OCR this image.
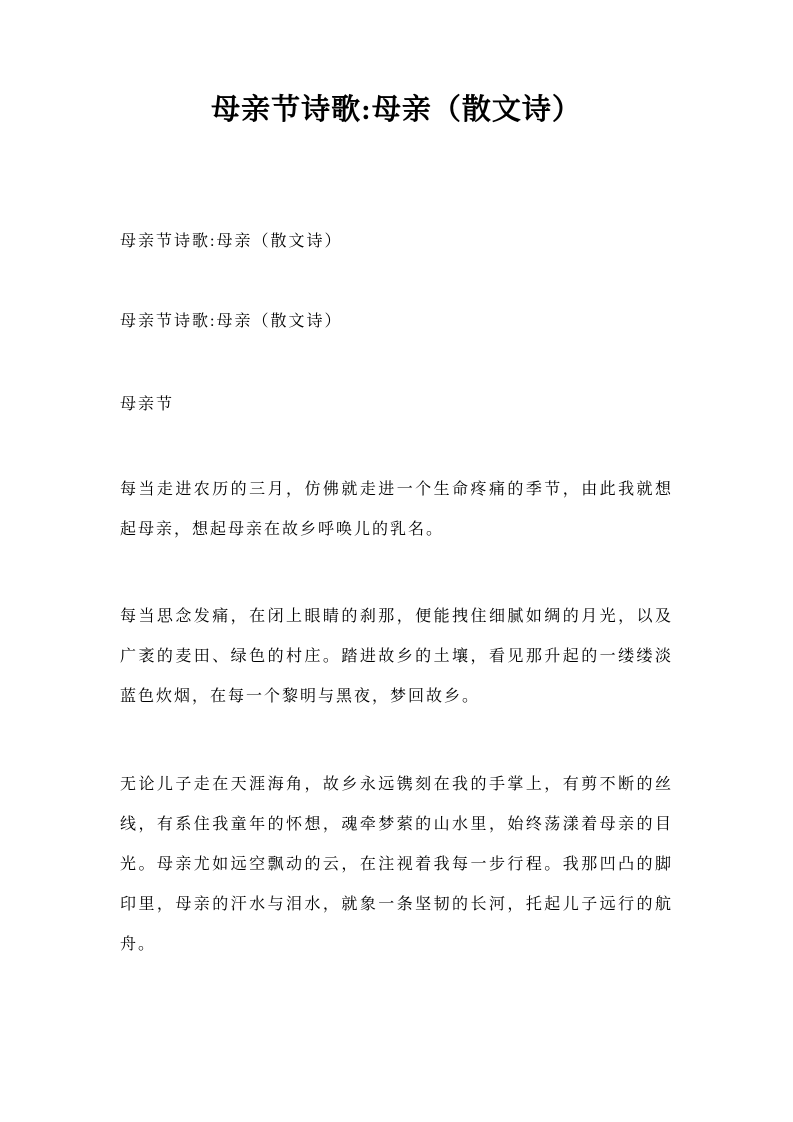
母亲节诗歌:母亲（散文诗）

母亲节诗歌:母亲（散文诗）

母亲节诗歌:母亲（散文诗）

母亲节

每当走进农历的三月，仿佛就走进一个生命疼痛的季节，由此我就想起母亲，想起母亲在故乡呼唤儿的乳名。

每当思念发痛，在闭上眼睛的刹那，便能拽住细腻如绸的月光，以及广袤的麦田、绿色的村庄。踏进故乡的土壤，看见那升起的一缕缕淡蓝色炊烟，在每一个黎明与黑夜，梦回故乡。

无论儿子走在天涯海角，故乡永远镌刻在我的手掌上，有剪不断的丝线，有系住我童年的怀想，魂牵梦萦的山水里，始终荡漾着母亲的目光。母亲尤如远空飘动的云，在注视着我每一步行程。我那凹凸的脚印里，母亲的汗水与泪水，就象一条坚韧的长河，托起儿子远行的航舟。
